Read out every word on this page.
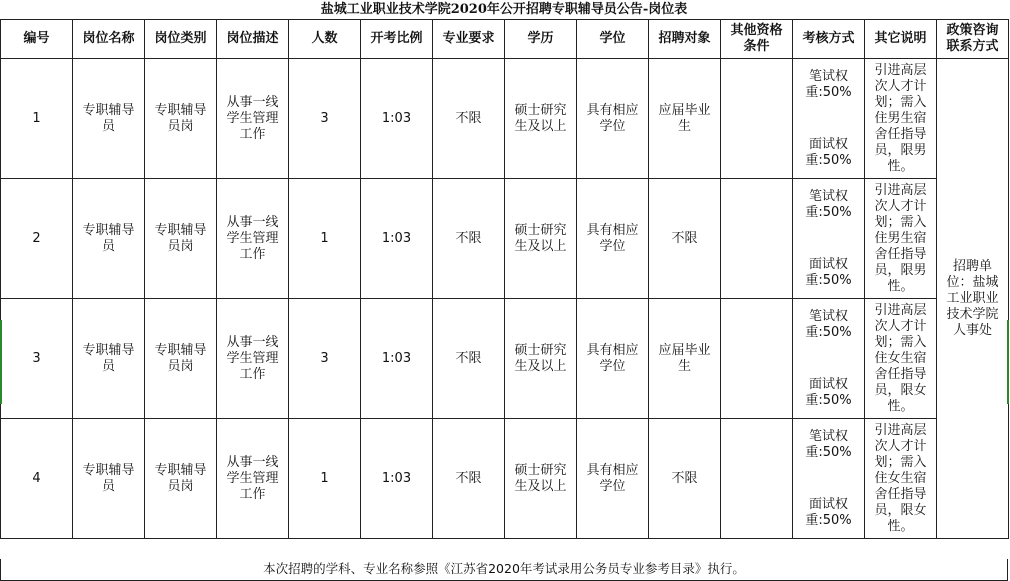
盐城工业职业技术学院2020年公开招聘专职辅导员公告-岗位表
编号	岗位名称	岗位类别	岗位描述	人数	开考比例	专业要求	学历	学位	招聘对象	其他资格条件	考核方式	其它说明	政策咨询联系方式

1	专职辅导员	专职辅导员岗	从事一线学生管理工作	3	1:03	不限	硕士研究生及以上	具有相应学位	应届毕业生		笔试权重:50%
面试权重:50%	引进高层次人才计划；需入住男生宿舍任指导员，限男性。	招聘单位：盐城工业职业技术学院人事处

2	专职辅导员	专职辅导员岗	从事一线学生管理工作	1	1:03	不限	硕士研究生及以上	具有相应学位	不限		笔试权重:50%
面试权重:50%	引进高层次人才计划；需入住男生宿舍任指导员，限男性。	

3	专职辅导员	专职辅导员岗	从事一线学生管理工作	3	1:03	不限	硕士研究生及以上	具有相应学位	应届毕业生		笔试权重:50%
面试权重:50%	引进高层次人才计划；需入住女生宿舍任指导员，限女性。	

4	专职辅导员	专职辅导员岗	从事一线学生管理工作	1	1:03	不限	硕士研究生及以上	具有相应学位	不限		笔试权重:50%
面试权重:50%	引进高层次人才计划；需入住女生宿舍任指导员，限女性。	
本次招聘的学科、专业名称参照《江苏省2020年考试录用公务员专业参考目录》执行。
